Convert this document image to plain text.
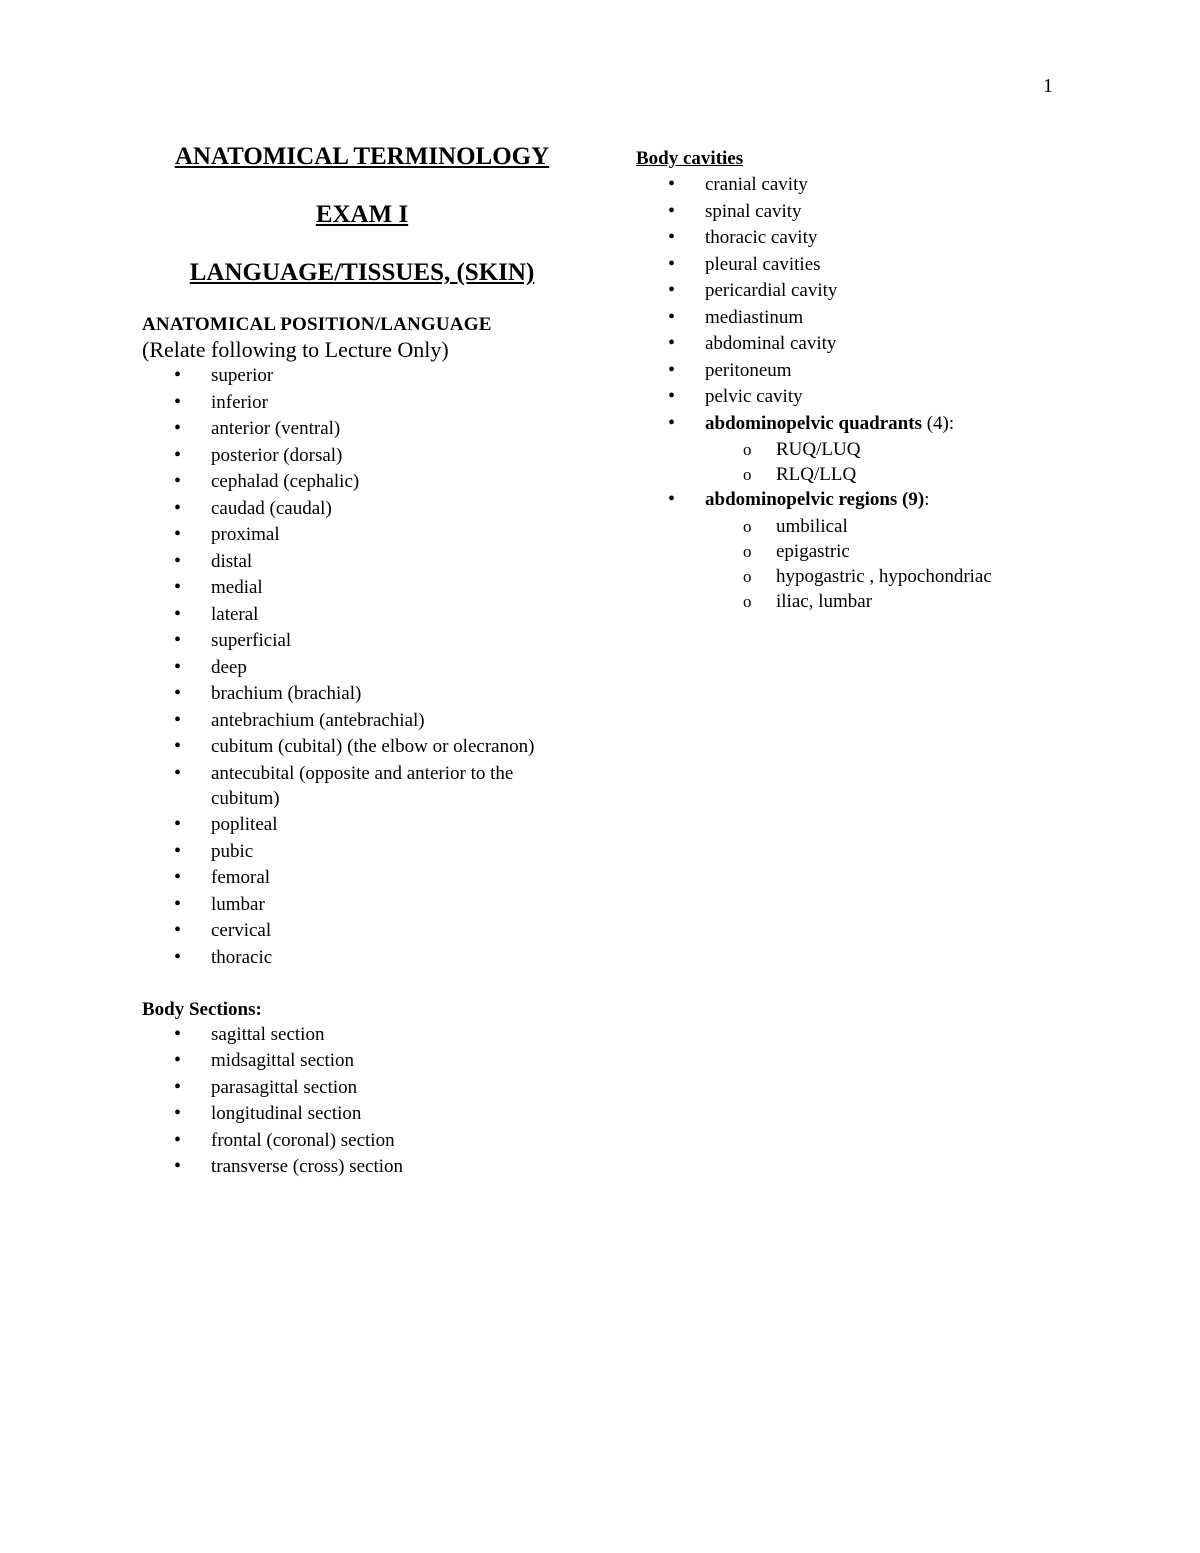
1
ANATOMICAL TERMINOLOGY
EXAM I
LANGUAGE/TISSUES, (SKIN)

ANATOMICAL POSITION/LANGUAGE

(Relate following to Lecture Only)

• superior
• inferior
• anterior (ventral)
• posterior (dorsal)
• cephalad (cephalic)
• caudad (caudal)
• proximal
• distal
• medial
• lateral
• superficial
• deep
• brachium (brachial)
• antebrachium (antebrachial)
• cubitum (cubital) (the elbow or olecranon)
• antecubital (opposite and anterior to the cubitum)
• popliteal
• pubic
• femoral
• lumbar
• cervical
• thoracic

Body Sections:

• sagittal section
• midsagittal section
• parasagittal section
• longitudinal section
• frontal (coronal) section
• transverse (cross) section

Body cavities

• cranial cavity
• spinal cavity
• thoracic cavity
• pleural cavities
• pericardial cavity
• mediastinum
• abdominal cavity
• peritoneum
• pelvic cavity
• abdominopelvic quadrants (4):
o RUQ/LUQ
o RLQ/LLQ
• abdominopelvic regions (9):
o umbilical
o epigastric
o hypogastric , hypochondriac
o iliac, lumbar
